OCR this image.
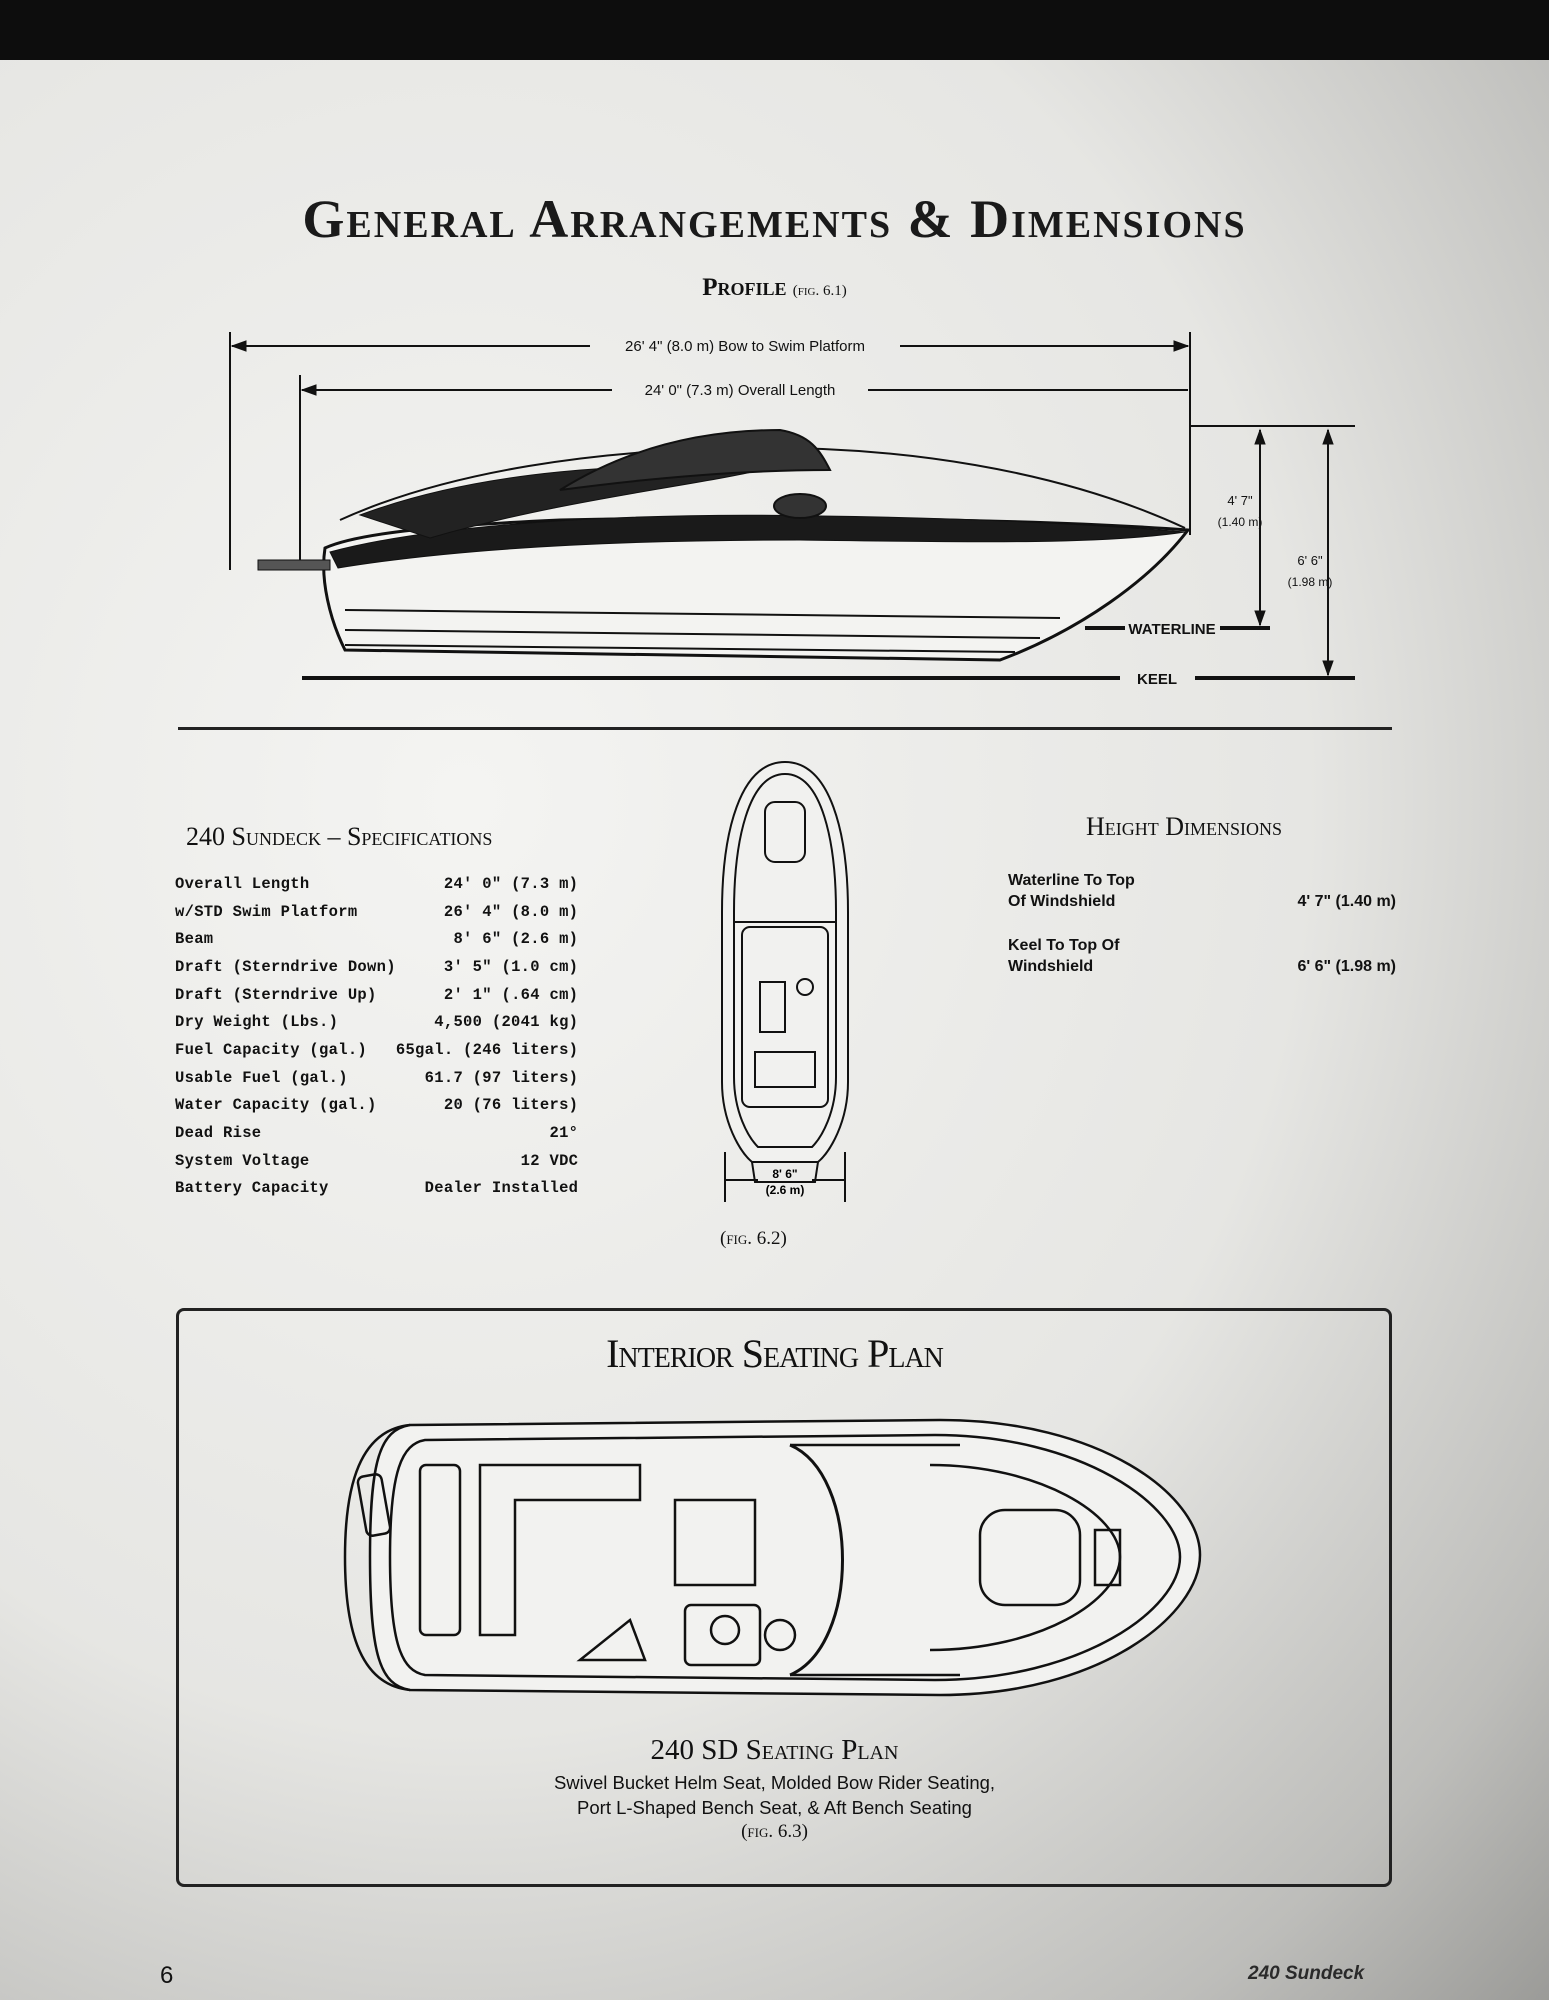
General Arrangements & Dimensions
Profile (fig. 6.1)
26' 4" (8.0 m) Bow to Swim Platform
24' 0" (7.3 m) Overall Length
4' 7"
(1.40 m)
6' 6"
(1.98 m)
WATERLINE
KEEL
240 Sundeck – Specifications
Overall Length	24' 0" (7.3 m)
w/STD Swim Platform	26' 4" (8.0 m)
Beam	8' 6" (2.6 m)
Draft (Sterndrive Down)	3' 5" (1.0 cm)
Draft (Sterndrive Up)	2' 1" (.64 cm)
Dry Weight (Lbs.)	4,500 (2041 kg)
Fuel Capacity (gal.)	65gal. (246 liters)
Usable Fuel (gal.)	61.7 (97 liters)
Water Capacity (gal.)	20 (76 liters)
Dead Rise	21°
System Voltage	12 VDC
Battery Capacity	Dealer Installed
8' 6"
(2.6 m)
(fig. 6.2)
Height Dimensions
Waterline To Top
Of Windshield	4' 7" (1.40 m)
Keel To Top Of
Windshield	6' 6" (1.98 m)
Interior Seating Plan
240 SD Seating Plan
Swivel Bucket Helm Seat, Molded Bow Rider Seating,
Port L-Shaped Bench Seat, & Aft Bench Seating
(fig. 6.3)
6	240 Sundeck
